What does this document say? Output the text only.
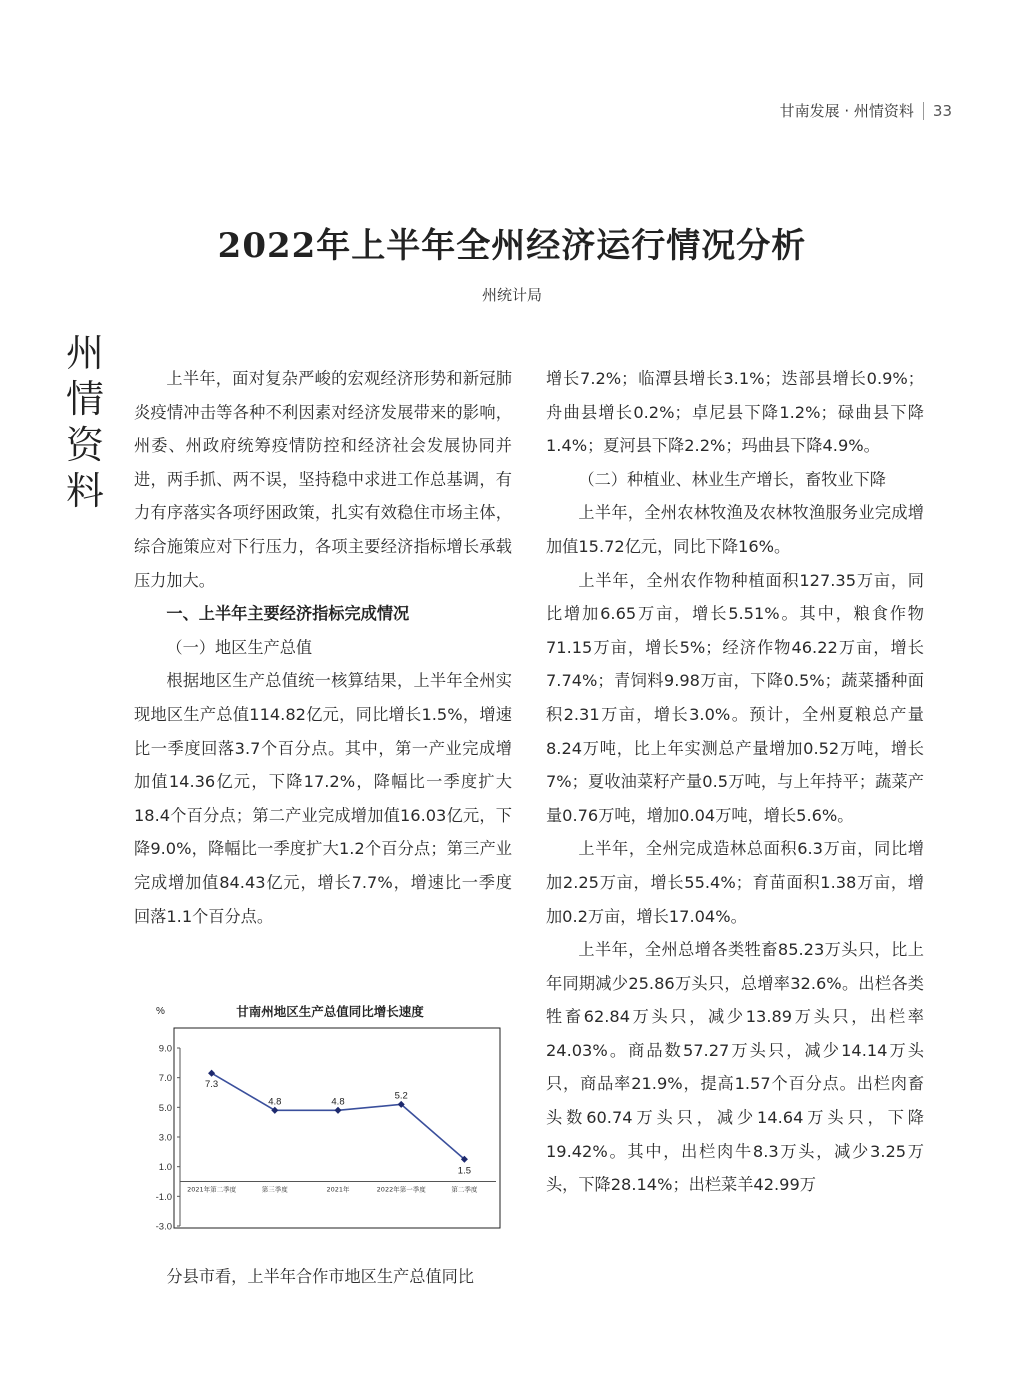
甘南发展 · 州情资料 33
2022年上半年全州经济运行情况分析
州统计局
州
情
资
料

上半年，面对复杂严峻的宏观经济形势和新冠肺炎疫情冲击等各种不利因素对经济发展带来的影响，州委、州政府统筹疫情防控和经济社会发展协同并进，两手抓、两不误，坚持稳中求进工作总基调，有力有序落实各项纾困政策，扎实有效稳住市场主体，综合施策应对下行压力，各项主要经济指标增长承载压力加大。

一、上半年主要经济指标完成情况

（一）地区生产总值

根据地区生产总值统一核算结果，上半年全州实现地区生产总值114.82亿元，同比增长1.5%，增速比一季度回落3.7个百分点。其中，第一产业完成增加值14.36亿元，下降17.2%，降幅比一季度扩大18.4个百分点；第二产业完成增加值16.03亿元，下降9.0%，降幅比一季度扩大1.2个百分点；第三产业完成增加值84.43亿元，增长7.7%，增速比一季度回落1.1个百分点。

%	甘南州地区生产总值同比增长速度
9.0
7.0
5.0
3.0
1.0
-1.0
-3.0
2021年第二季度	第三季度	2021年	2022年第一季度	第二季度
7.3
4.8	4.8
5.2
1.5

分县市看，上半年合作市地区生产总值同比

增长7.2%；临潭县增长3.1%；迭部县增长0.9%；舟曲县增长0.2%；卓尼县下降1.2%；碌曲县下降1.4%；夏河县下降2.2%；玛曲县下降4.9%。

（二）种植业、林业生产增长，畜牧业下降

上半年，全州农林牧渔及农林牧渔服务业完成增加值15.72亿元，同比下降16%。

上半年，全州农作物种植面积127.35万亩，同比增加6.65万亩，增长5.51%。其中，粮食作物71.15万亩，增长5%；经济作物46.22万亩，增长7.74%；青饲料9.98万亩，下降0.5%；蔬菜播种面积2.31万亩，增长3.0%。预计，全州夏粮总产量8.24万吨，比上年实测总产量增加0.52万吨，增长7%；夏收油菜籽产量0.5万吨，与上年持平；蔬菜产量0.76万吨，增加0.04万吨，增长5.6%。

上半年，全州完成造林总面积6.3万亩，同比增加2.25万亩，增长55.4%；育苗面积1.38万亩，增加0.2万亩，增长17.04%。

上半年，全州总增各类牲畜85.23万头只，比上年同期减少25.86万头只，总增率32.6%。出栏各类牲畜62.84万头只，减少13.89万头只，出栏率24.03%。商品数57.27万头只，减少14.14万头只，商品率21.9%，提高1.57个百分点。出栏肉畜头数60.74万头只，减少14.64万头只，下降19.42%。其中，出栏肉牛8.3万头，减少3.25万头，下降28.14%；出栏菜羊42.99万
